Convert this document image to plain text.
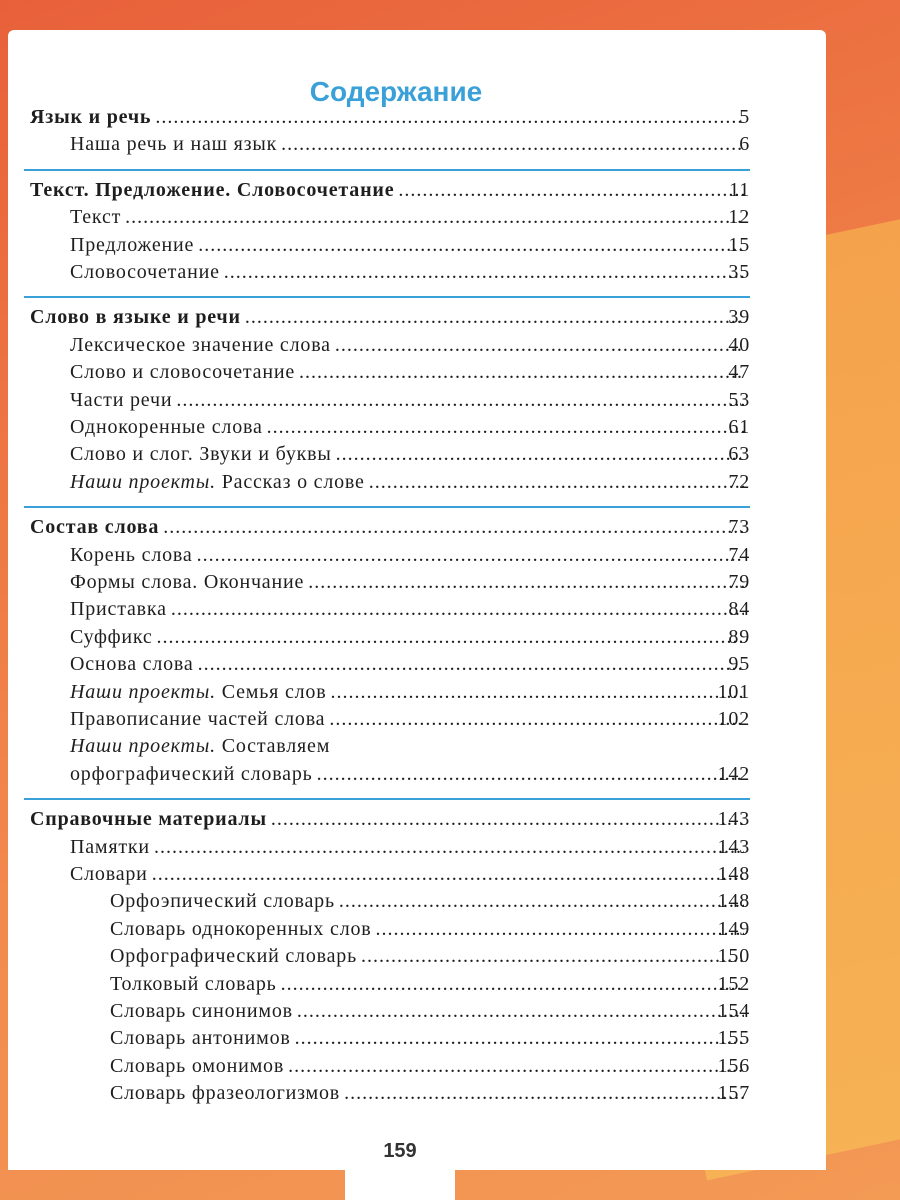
Содержание
Язык и речь . . .	5
Наша речь и наш язык . . .	6
Текст. Предложение. Словосочетание . . .	11
Текст . . .	12
Предложение . . .	15
Словосочетание . . .	35
Слово в языке и речи . . .	39
Лексическое значение слова . . .	40
Слово и словосочетание . . .	47
Части речи . . .	53
Однокоренные слова . . .	61
Слово и слог. Звуки и буквы . . .	63
Наши проекты. Рассказ о слове . . .	72
Состав слова . . .	73
Корень слова . . .	74
Формы слова. Окончание . . .	79
Приставка . . .	84
Суффикс . . .	89
Основа слова . . .	95
Наши проекты. Семья слов . . .	101
Правописание частей слова . . .	102
Наши проекты. Составляем
орфографический словарь . . .	142
Справочные материалы . . .	143
Памятки . . .	143
Словари . . .	148
Орфоэпический словарь . . .	148
Словарь однокоренных слов . . .	149
Орфографический словарь . . .	150
Толковый словарь . . .	152
Словарь синонимов . . .	154
Словарь антонимов . . .	155
Словарь омонимов . . .	156
Словарь фразеологизмов . . .	157
159
